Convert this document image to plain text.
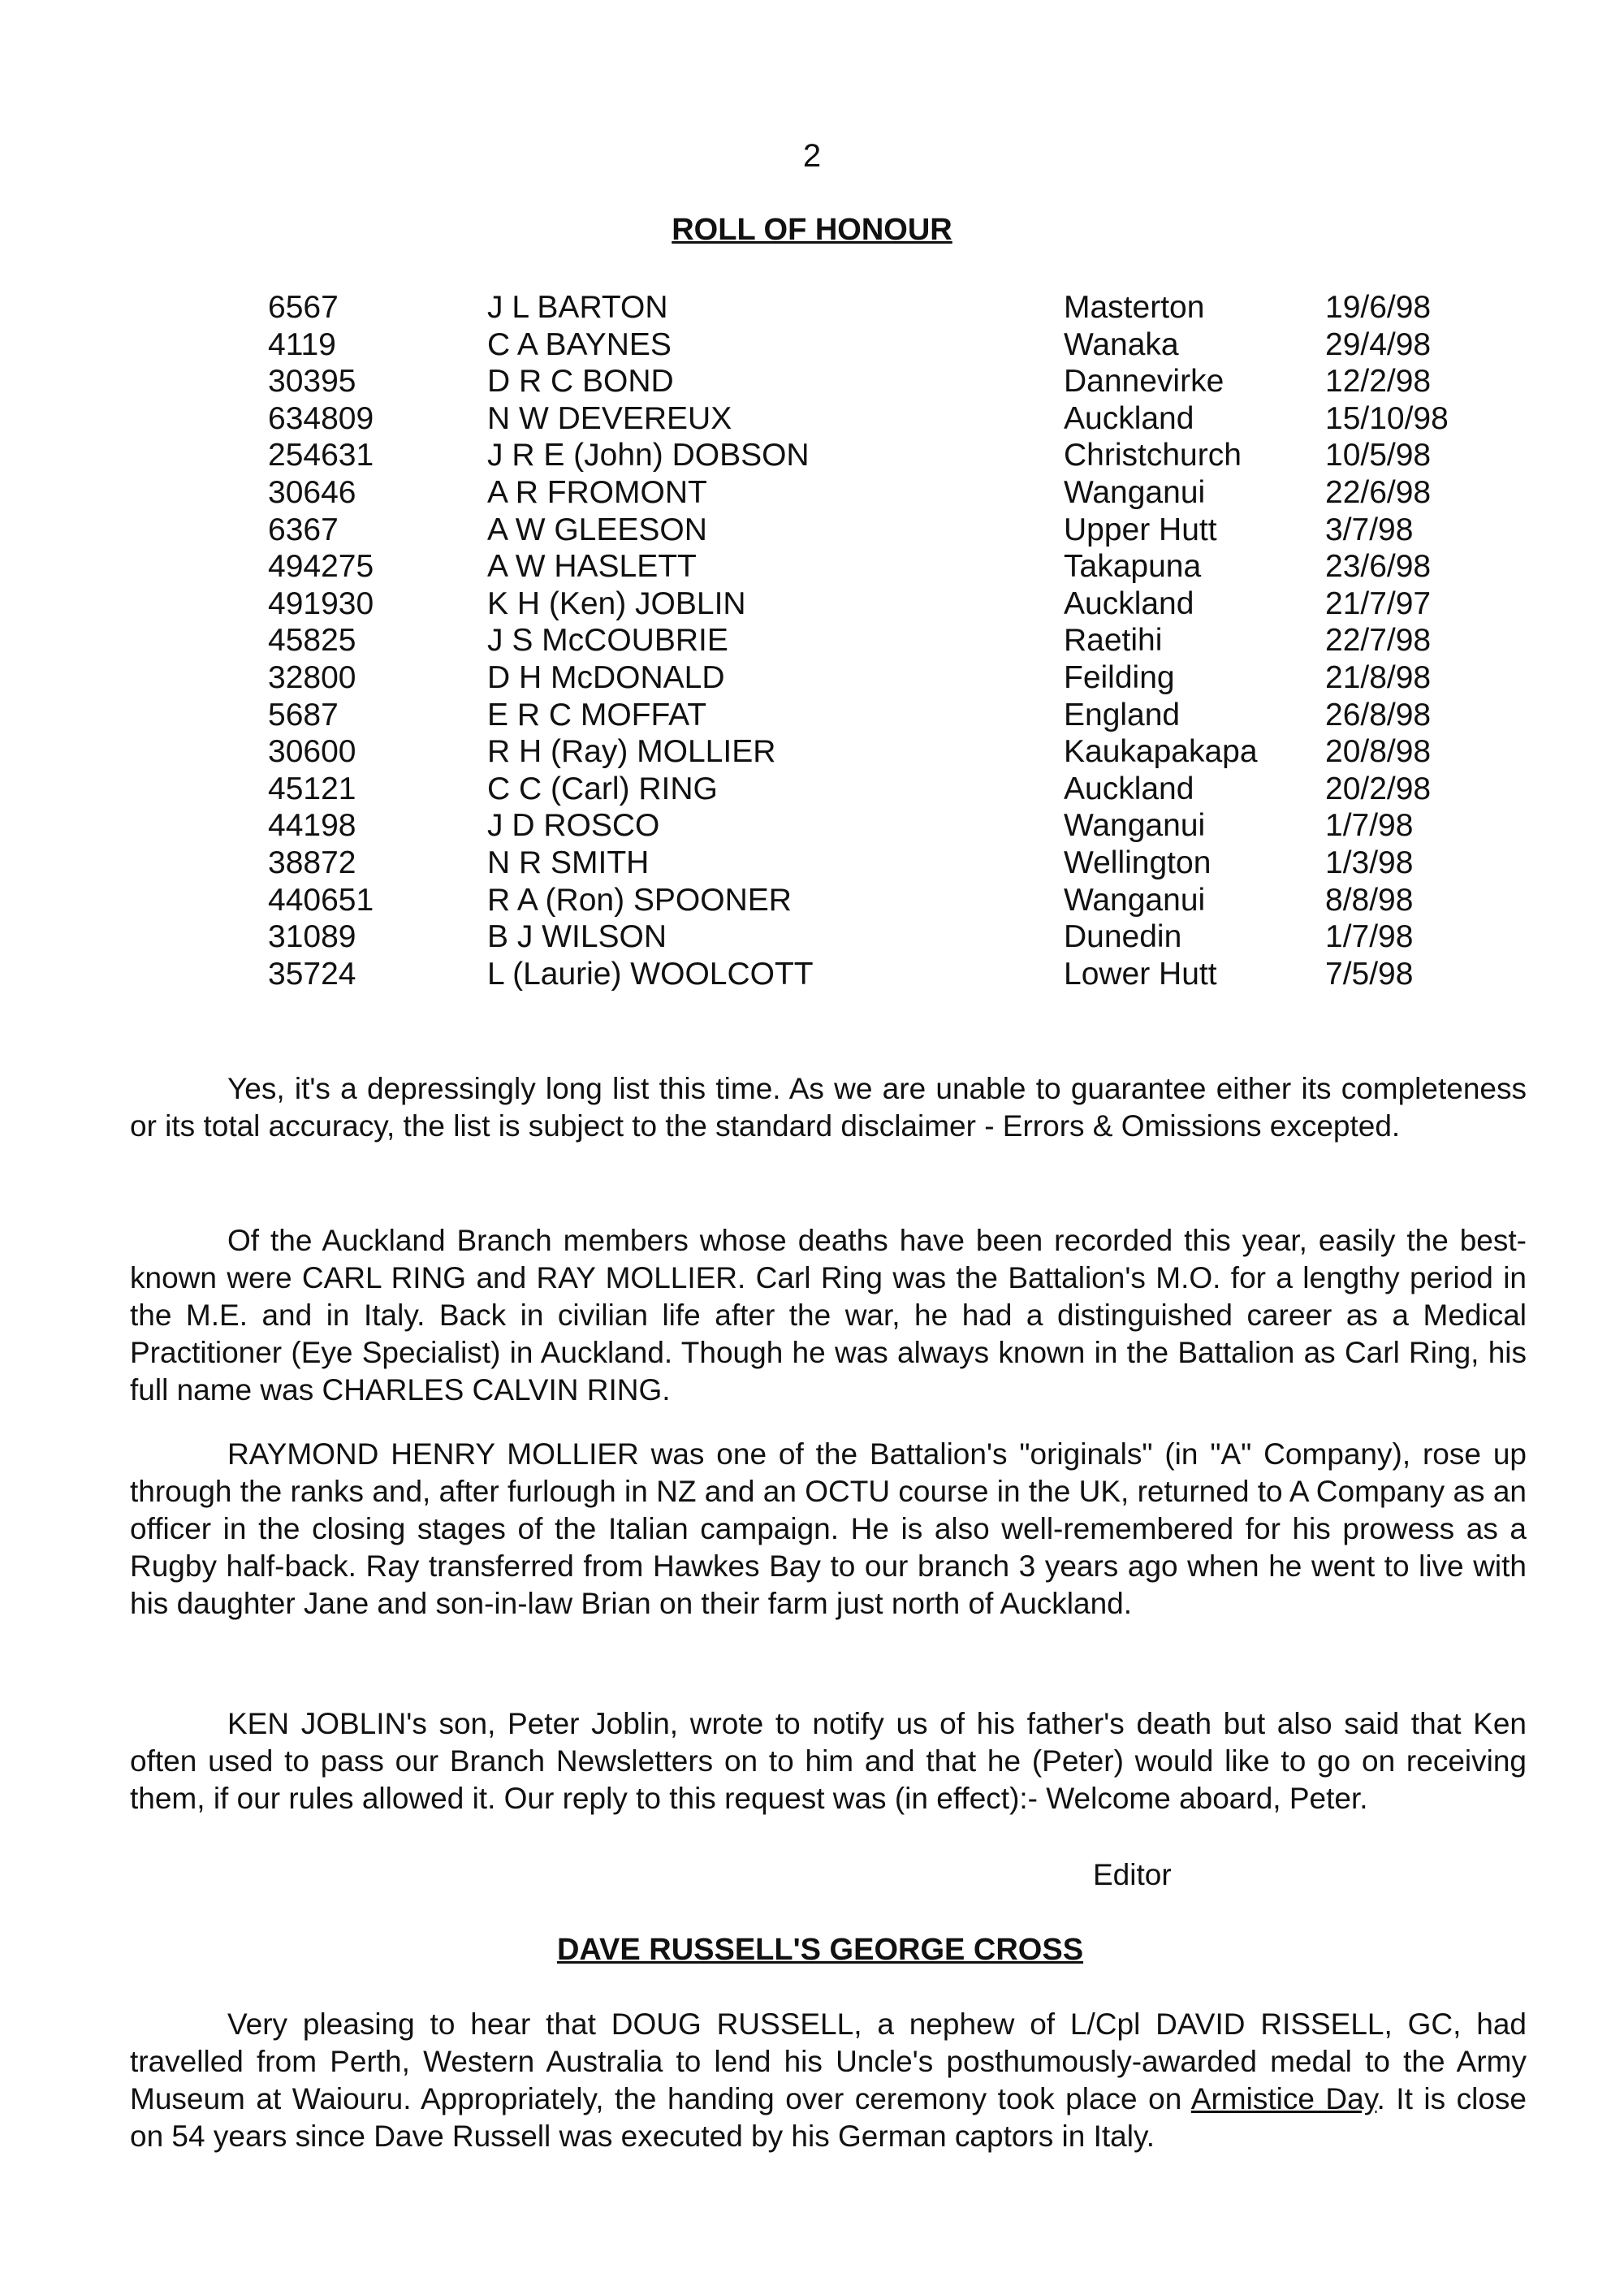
2
ROLL OF HONOUR
6567	J L BARTON	Masterton	19/6/98
4119	C A BAYNES	Wanaka	29/4/98
30395	D R C BOND	Dannevirke	12/2/98
634809	N W DEVEREUX	Auckland	15/10/98
254631	J R E (John) DOBSON	Christchurch	10/5/98
30646	A R FROMONT	Wanganui	22/6/98
6367	A W GLEESON	Upper Hutt	3/7/98
494275	A W HASLETT	Takapuna	23/6/98
491930	K H (Ken) JOBLIN	Auckland	21/7/97
45825	J S McCOUBRIE	Raetihi	22/7/98
32800	D H McDONALD	Feilding	21/8/98
5687	E R C MOFFAT	England	26/8/98
30600	R H (Ray) MOLLIER	Kaukapakapa	20/8/98
45121	C C (Carl) RING	Auckland	20/2/98
44198	J D ROSCO	Wanganui	1/7/98
38872	N R SMITH	Wellington	1/3/98
440651	R A (Ron) SPOONER	Wanganui	8/8/98
31089	B J WILSON	Dunedin	1/7/98
35724	L (Laurie) WOOLCOTT	Lower Hutt	7/5/98

Yes, it's a depressingly long list this time. As we are unable to guarantee either its completeness or its total accuracy, the list is subject to the standard disclaimer - Errors & Omissions excepted.

Of the Auckland Branch members whose deaths have been recorded this year, easily the best-known were CARL RING and RAY MOLLIER. Carl Ring was the Battalion's M.O. for a lengthy period in the M.E. and in Italy. Back in civilian life after the war, he had a distinguished career as a Medical Practitioner (Eye Specialist) in Auckland. Though he was always known in the Battalion as Carl Ring, his full name was CHARLES CALVIN RING.

RAYMOND HENRY MOLLIER was one of the Battalion's "originals" (in "A" Company), rose up through the ranks and, after furlough in NZ and an OCTU course in the UK, returned to A Company as an officer in the closing stages of the Italian campaign. He is also well-remembered for his prowess as a Rugby half-back. Ray transferred from Hawkes Bay to our branch 3 years ago when he went to live with his daughter Jane and son-in-law Brian on their farm just north of Auckland.

KEN JOBLIN's son, Peter Joblin, wrote to notify us of his father's death but also said that Ken often used to pass our Branch Newsletters on to him and that he (Peter) would like to go on receiving them, if our rules allowed it. Our reply to this request was (in effect):- Welcome aboard, Peter.

Editor
DAVE RUSSELL'S GEORGE CROSS

Very pleasing to hear that DOUG RUSSELL, a nephew of L/Cpl DAVID RISSELL, GC, had travelled from Perth, Western Australia to lend his Uncle's posthumously-awarded medal to the Army Museum at Waiouru. Appropriately, the handing over ceremony took place on Armistice Day. It is close on 54 years since Dave Russell was executed by his German captors in Italy.
